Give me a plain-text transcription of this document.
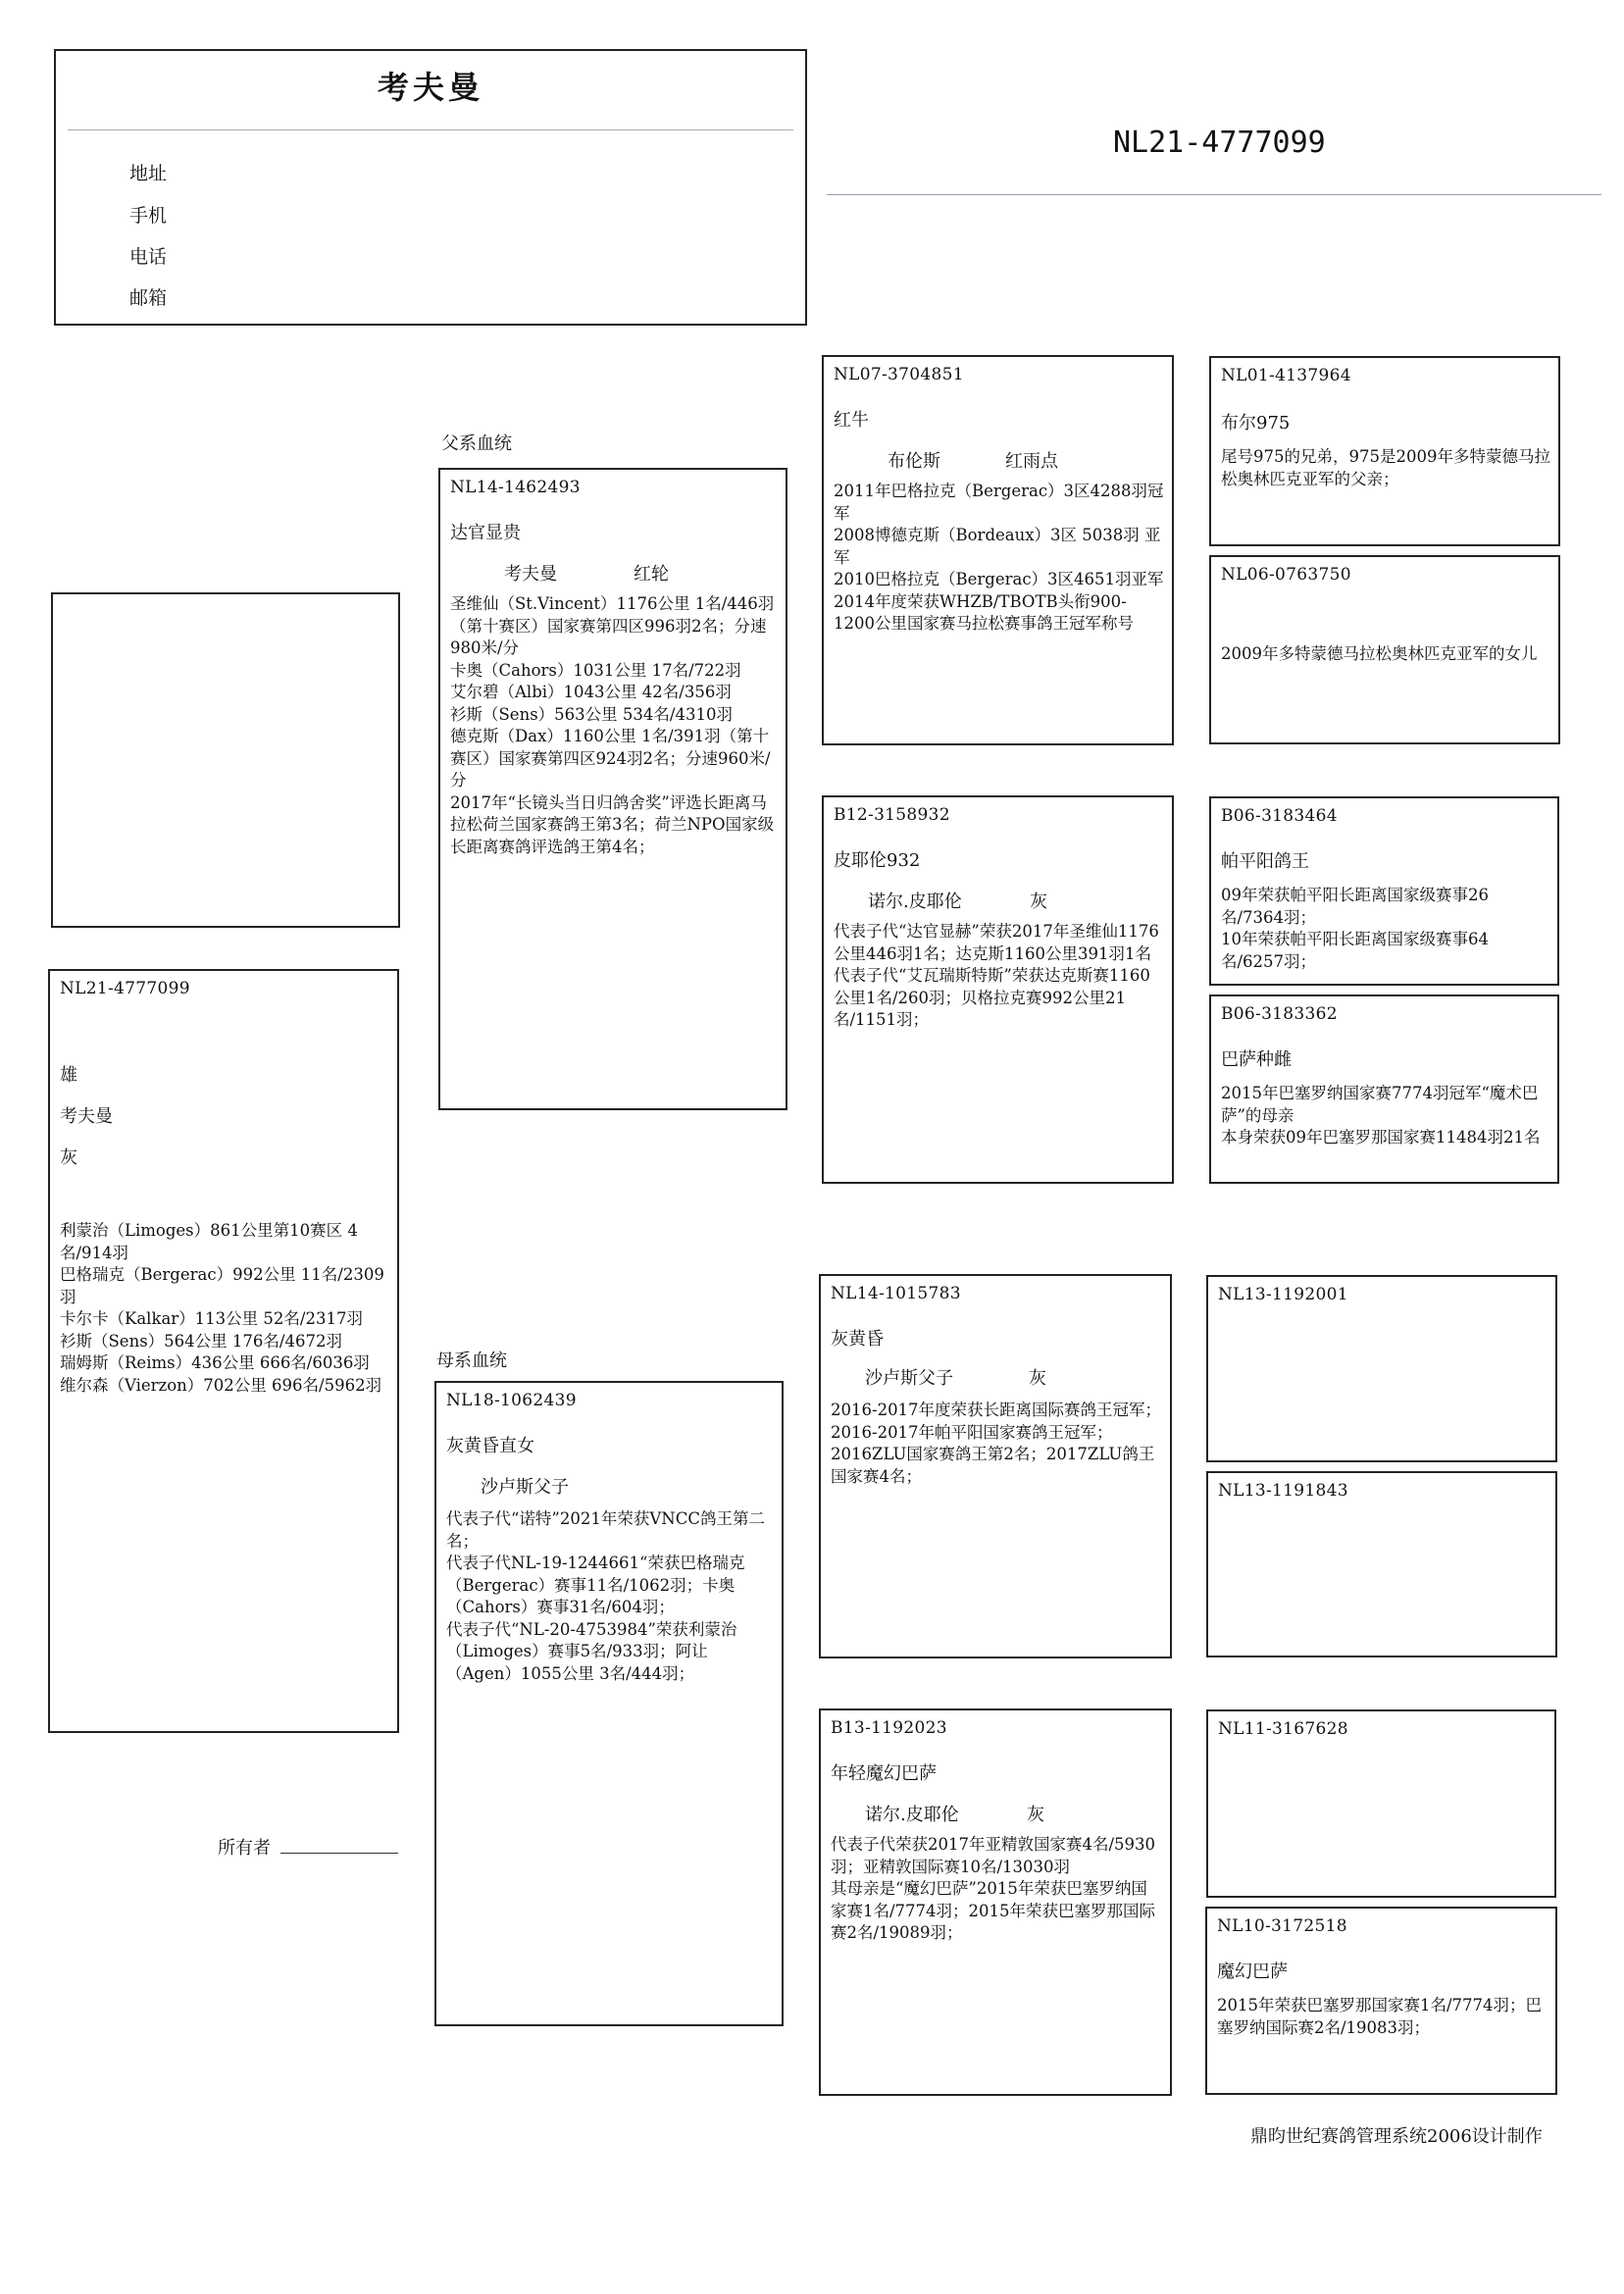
考夫曼
地址
手机
电话
邮箱
NL21-4777099
NL21-4777099
雄
考夫曼
灰
利蒙治（Limoges）861公里第10赛区 4名/914羽
巴格瑞克（Bergerac）992公里 11名/2309羽
卡尔卡（Kalkar）113公里 52名/2317羽
衫斯（Sens）564公里 176名/4672羽
瑞姆斯（Reims）436公里 666名/6036羽
维尔森（Vierzon）702公里 696名/5962羽
所有者
父系血统
母系血统
NL14-1462493
达官显贵
考夫曼	红轮
圣维仙（St.Vincent）1176公里 1名/446羽（第十赛区）国家赛第四区996羽2名；分速980米/分
卡奥（Cahors）1031公里 17名/722羽
艾尔碧（Albi）1043公里 42名/356羽
衫斯（Sens）563公里 534名/4310羽
德克斯（Dax）1160公里 1名/391羽（第十赛区）国家赛第四区924羽2名；分速960米/分
2017年“长镜头当日归鸽舍奖”评选长距离马拉松荷兰国家赛鸽王第3名；荷兰NPO国家级长距离赛鸽评选鸽王第4名；
NL18-1062439
灰黄昏直女
沙卢斯父子
代表子代“诺特”2021年荣获VNCC鸽王第二名；
代表子代NL-19-1244661“荣获巴格瑞克（Bergerac）赛事11名/1062羽；卡奥（Cahors）赛事31名/604羽；
代表子代“NL-20-4753984”荣获利蒙治（Limoges）赛事5名/933羽；阿让（Agen）1055公里 3名/444羽；
NL07-3704851
红牛
布伦斯	红雨点
2011年巴格拉克（Bergerac）3区4288羽冠军
2008博德克斯（Bordeaux）3区 5038羽 亚军
2010巴格拉克（Bergerac）3区4651羽亚军
2014年度荣获WHZB/TBOTB头衔900-1200公里国家赛马拉松赛事鸽王冠军称号
B12-3158932
皮耶伦932
诺尔.皮耶伦	灰
代表子代“达官显赫”荣获2017年圣维仙1176公里446羽1名；达克斯1160公里391羽1名
代表子代“艾瓦瑞斯特斯”荣获达克斯赛1160公里1名/260羽；贝格拉克赛992公里21名/1151羽；
NL14-1015783
灰黄昏
沙卢斯父子	灰
2016-2017年度荣获长距离国际赛鸽王冠军；
2016-2017年帕平阳国家赛鸽王冠军；
2016ZLU国家赛鸽王第2名；2017ZLU鸽王国家赛4名；
B13-1192023
年轻魔幻巴萨
诺尔.皮耶伦	灰
代表子代荣获2017年亚精敦国家赛4名/5930羽；亚精敦国际赛10名/13030羽
其母亲是“魔幻巴萨”2015年荣获巴塞罗纳国家赛1名/7774羽；2015年荣获巴塞罗那国际赛2名/19089羽；
NL01-4137964
布尔975
尾号975的兄弟，975是2009年多特蒙德马拉松奥林匹克亚军的父亲；
NL06-0763750
2009年多特蒙德马拉松奥林匹克亚军的女儿
B06-3183464
帕平阳鸽王
09年荣获帕平阳长距离国家级赛事26名/7364羽；
10年荣获帕平阳长距离国家级赛事64名/6257羽；
B06-3183362
巴萨种雌
2015年巴塞罗纳国家赛7774羽冠军“魔术巴萨”的母亲
本身荣获09年巴塞罗那国家赛11484羽21名
NL13-1192001
NL13-1191843
NL11-3167628
NL10-3172518
魔幻巴萨
2015年荣获巴塞罗那国家赛1名/7774羽；巴塞罗纳国际赛2名/19083羽；
鼎昀世纪赛鸽管理系统2006设计制作
